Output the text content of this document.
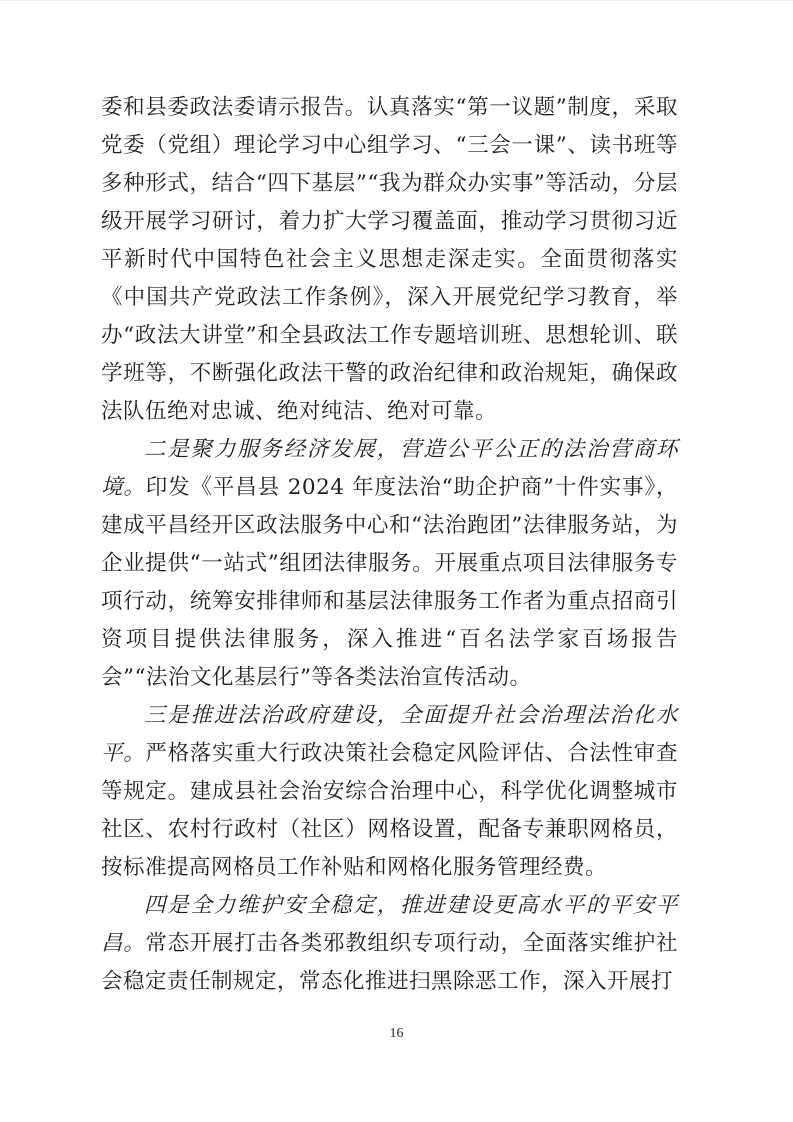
委和县委政法委请示报告。认真落实“第一议题”制度，采取党委（党组）理论学习中心组学习、“三会一课”、读书班等多种形式，结合“四下基层”“我为群众办实事”等活动，分层级开展学习研讨，着力扩大学习覆盖面，推动学习贯彻习近平新时代中国特色社会主义思想走深走实。全面贯彻落实《中国共产党政法工作条例》，深入开展党纪学习教育，举办“政法大讲堂”和全县政法工作专题培训班、思想轮训、联学班等，不断强化政法干警的政治纪律和政治规矩，确保政法队伍绝对忠诚、绝对纯洁、绝对可靠。

二是聚力服务经济发展，营造公平公正的法治营商环境。印发《平昌县 2024 年度法治“助企护商”十件实事》，建成平昌经开区政法服务中心和“法治跑团”法律服务站，为企业提供“一站式”组团法律服务。开展重点项目法律服务专项行动，统筹安排律师和基层法律服务工作者为重点招商引资项目提供法律服务，深入推进“百名法学家百场报告会”“法治文化基层行”等各类法治宣传活动。

三是推进法治政府建设，全面提升社会治理法治化水平。严格落实重大行政决策社会稳定风险评估、合法性审查等规定。建成县社会治安综合治理中心，科学优化调整城市社区、农村行政村（社区）网格设置，配备专兼职网格员，按标准提高网格员工作补贴和网格化服务管理经费。

四是全力维护安全稳定，推进建设更高水平的平安平昌。常态开展打击各类邪教组织专项行动，全面落实维护社会稳定责任制规定，常态化推进扫黑除恶工作，深入开展打

16
